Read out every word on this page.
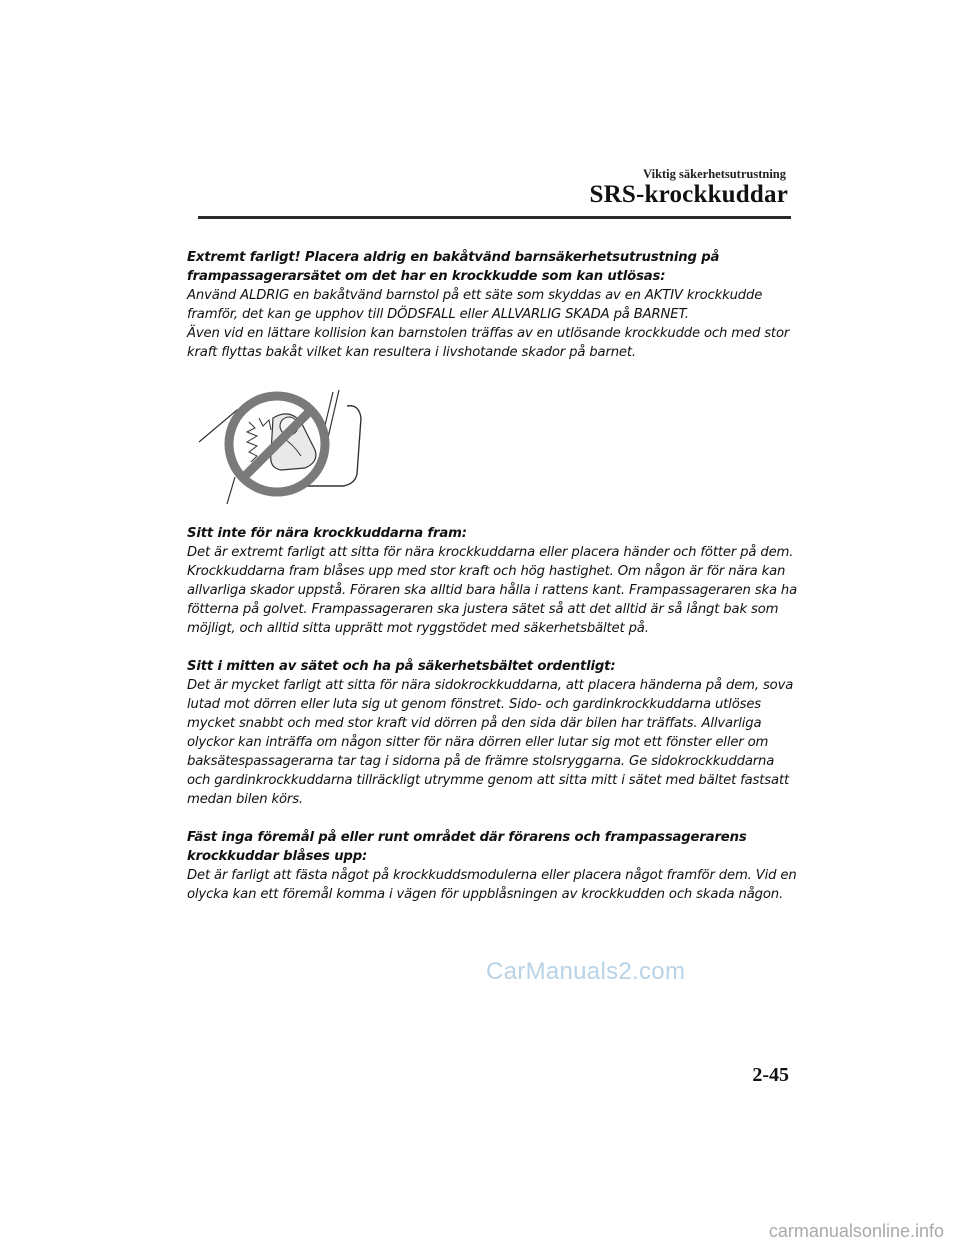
Viktig säkerhetsutrustning
SRS-krockkuddar

Extremt farligt! Placera aldrig en bakåtvänd barnsäkerhetsutrustning på frampassagerarsätet om det har en krockkudde som kan utlösas:

Använd ALDRIG en bakåtvänd barnstol på ett säte som skyddas av en AKTIV krockkudde framför, det kan ge upphov till DÖDSFALL eller ALLVARLIG SKADA på BARNET.

Även vid en lättare kollision kan barnstolen träffas av en utlösande krockkudde och med stor kraft flyttas bakåt vilket kan resultera i livshotande skador på barnet.

Sitt inte för nära krockkuddarna fram:

Det är extremt farligt att sitta för nära krockkuddarna eller placera händer och fötter på dem. Krockkuddarna fram blåses upp med stor kraft och hög hastighet. Om någon är för nära kan allvarliga skador uppstå. Föraren ska alltid bara hålla i rattens kant. Frampassageraren ska ha fötterna på golvet. Frampassageraren ska justera sätet så att det alltid är så långt bak som möjligt, och alltid sitta upprätt mot ryggstödet med säkerhetsbältet på.

Sitt i mitten av sätet och ha på säkerhetsbältet ordentligt:

Det är mycket farligt att sitta för nära sidokrockkuddarna, att placera händerna på dem, sova lutad mot dörren eller luta sig ut genom fönstret. Sido- och gardinkrockkuddarna utlöses mycket snabbt och med stor kraft vid dörren på den sida där bilen har träffats. Allvarliga olyckor kan inträffa om någon sitter för nära dörren eller lutar sig mot ett fönster eller om baksätespassagerarna tar tag i sidorna på de främre stolsryggarna. Ge sidokrockkuddarna och gardinkrockkuddarna tillräckligt utrymme genom att sitta mitt i sätet med bältet fastsatt medan bilen körs.

Fäst inga föremål på eller runt området där förarens och frampassagerarens krockkuddar blåses upp:

Det är farligt att fästa något på krockkuddsmodulerna eller placera något framför dem. Vid en olycka kan ett föremål komma i vägen för uppblåsningen av krockkudden och skada någon.

CarManuals2.com
2-45
carmanualsonline.info
